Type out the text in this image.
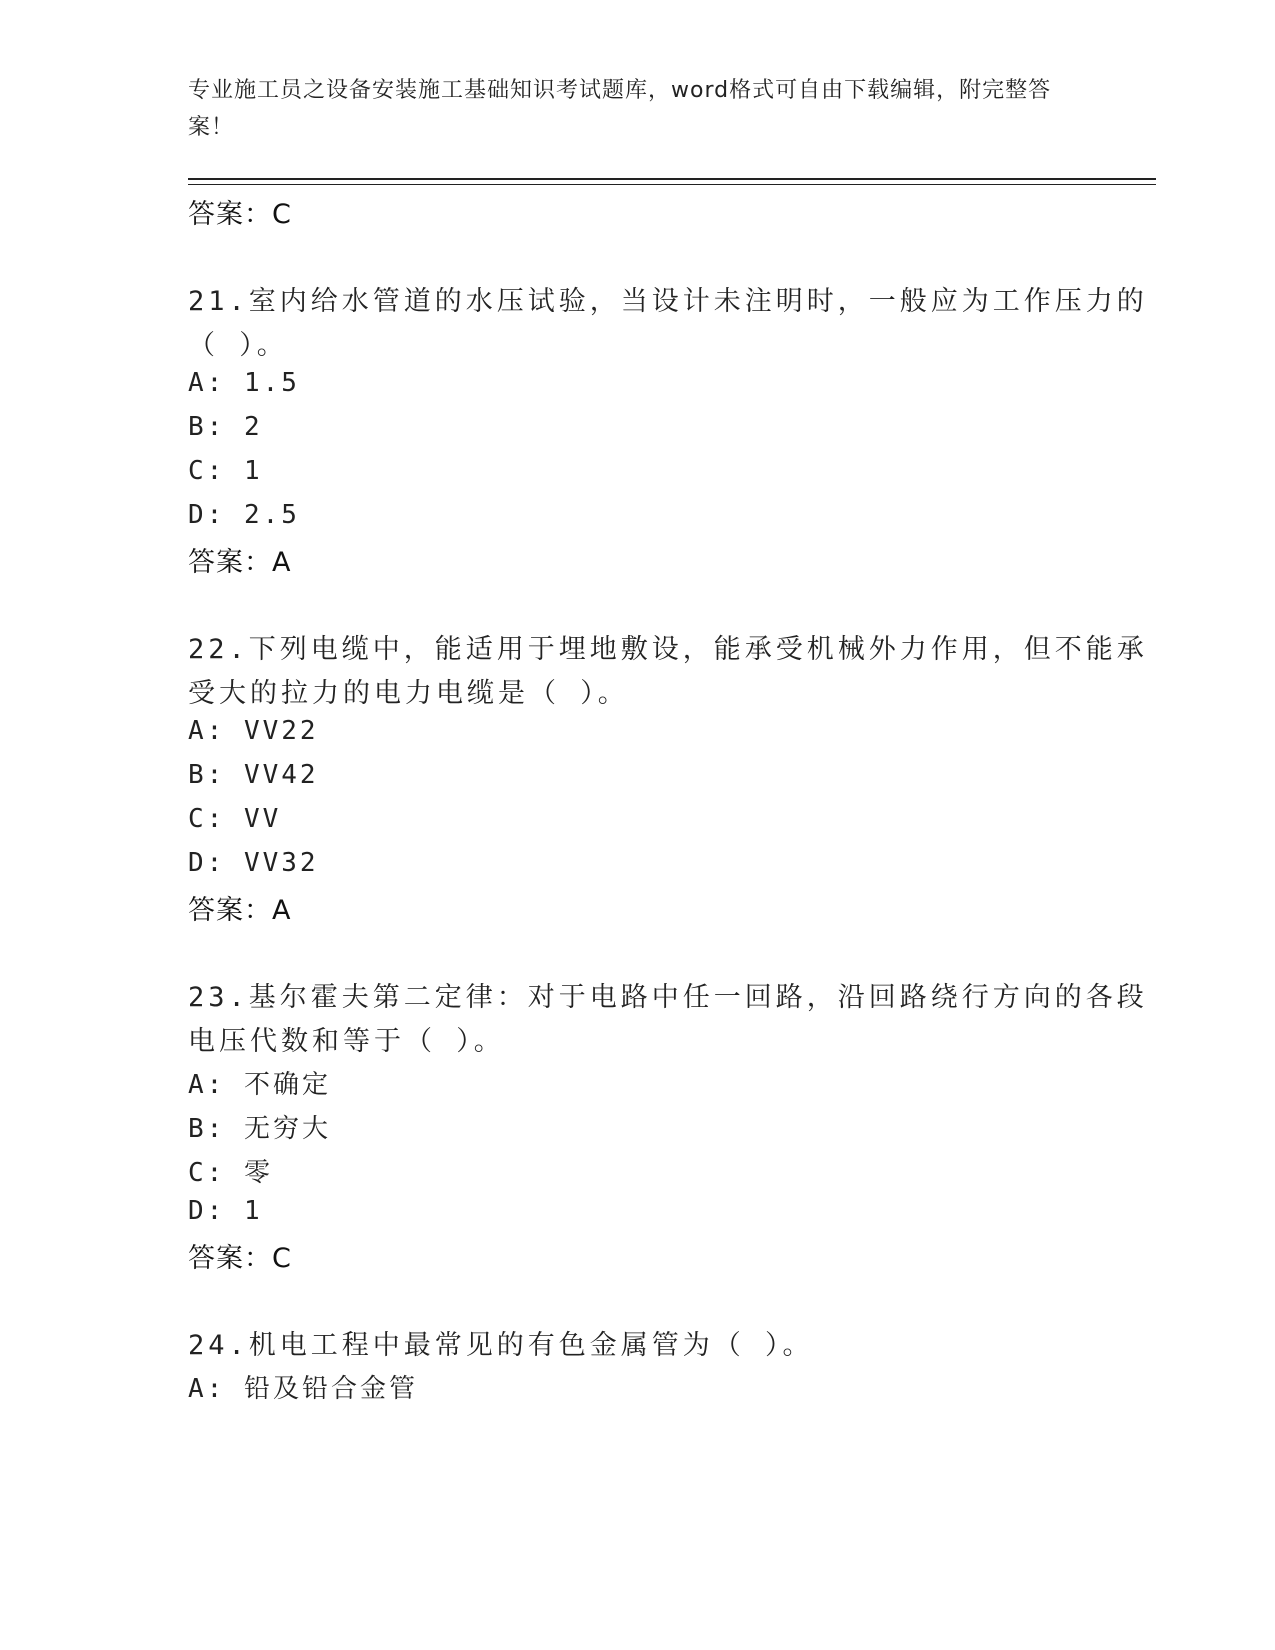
专业施工员之设备安装施工基础知识考试题库，word格式可自由下载编辑，附完整答案！
答案：C
21.室内给水管道的水压试验，当设计未注明时，一般应为工作压力的
（ ）。
A: 1.5
B: 2
C: 1
D: 2.5
答案：A
22.下列电缆中，能适用于埋地敷设，能承受机械外力作用，但不能承
受大的拉力的电力电缆是（ ）。
A: VV22
B: VV42
C: VV
D: VV32
答案：A
23.基尔霍夫第二定律：对于电路中任一回路，沿回路绕行方向的各段
电压代数和等于（ ）。
A: 不确定
B: 无穷大
C: 零
D: 1
答案：C
24.机电工程中最常见的有色金属管为（ ）。
A: 铅及铅合金管
